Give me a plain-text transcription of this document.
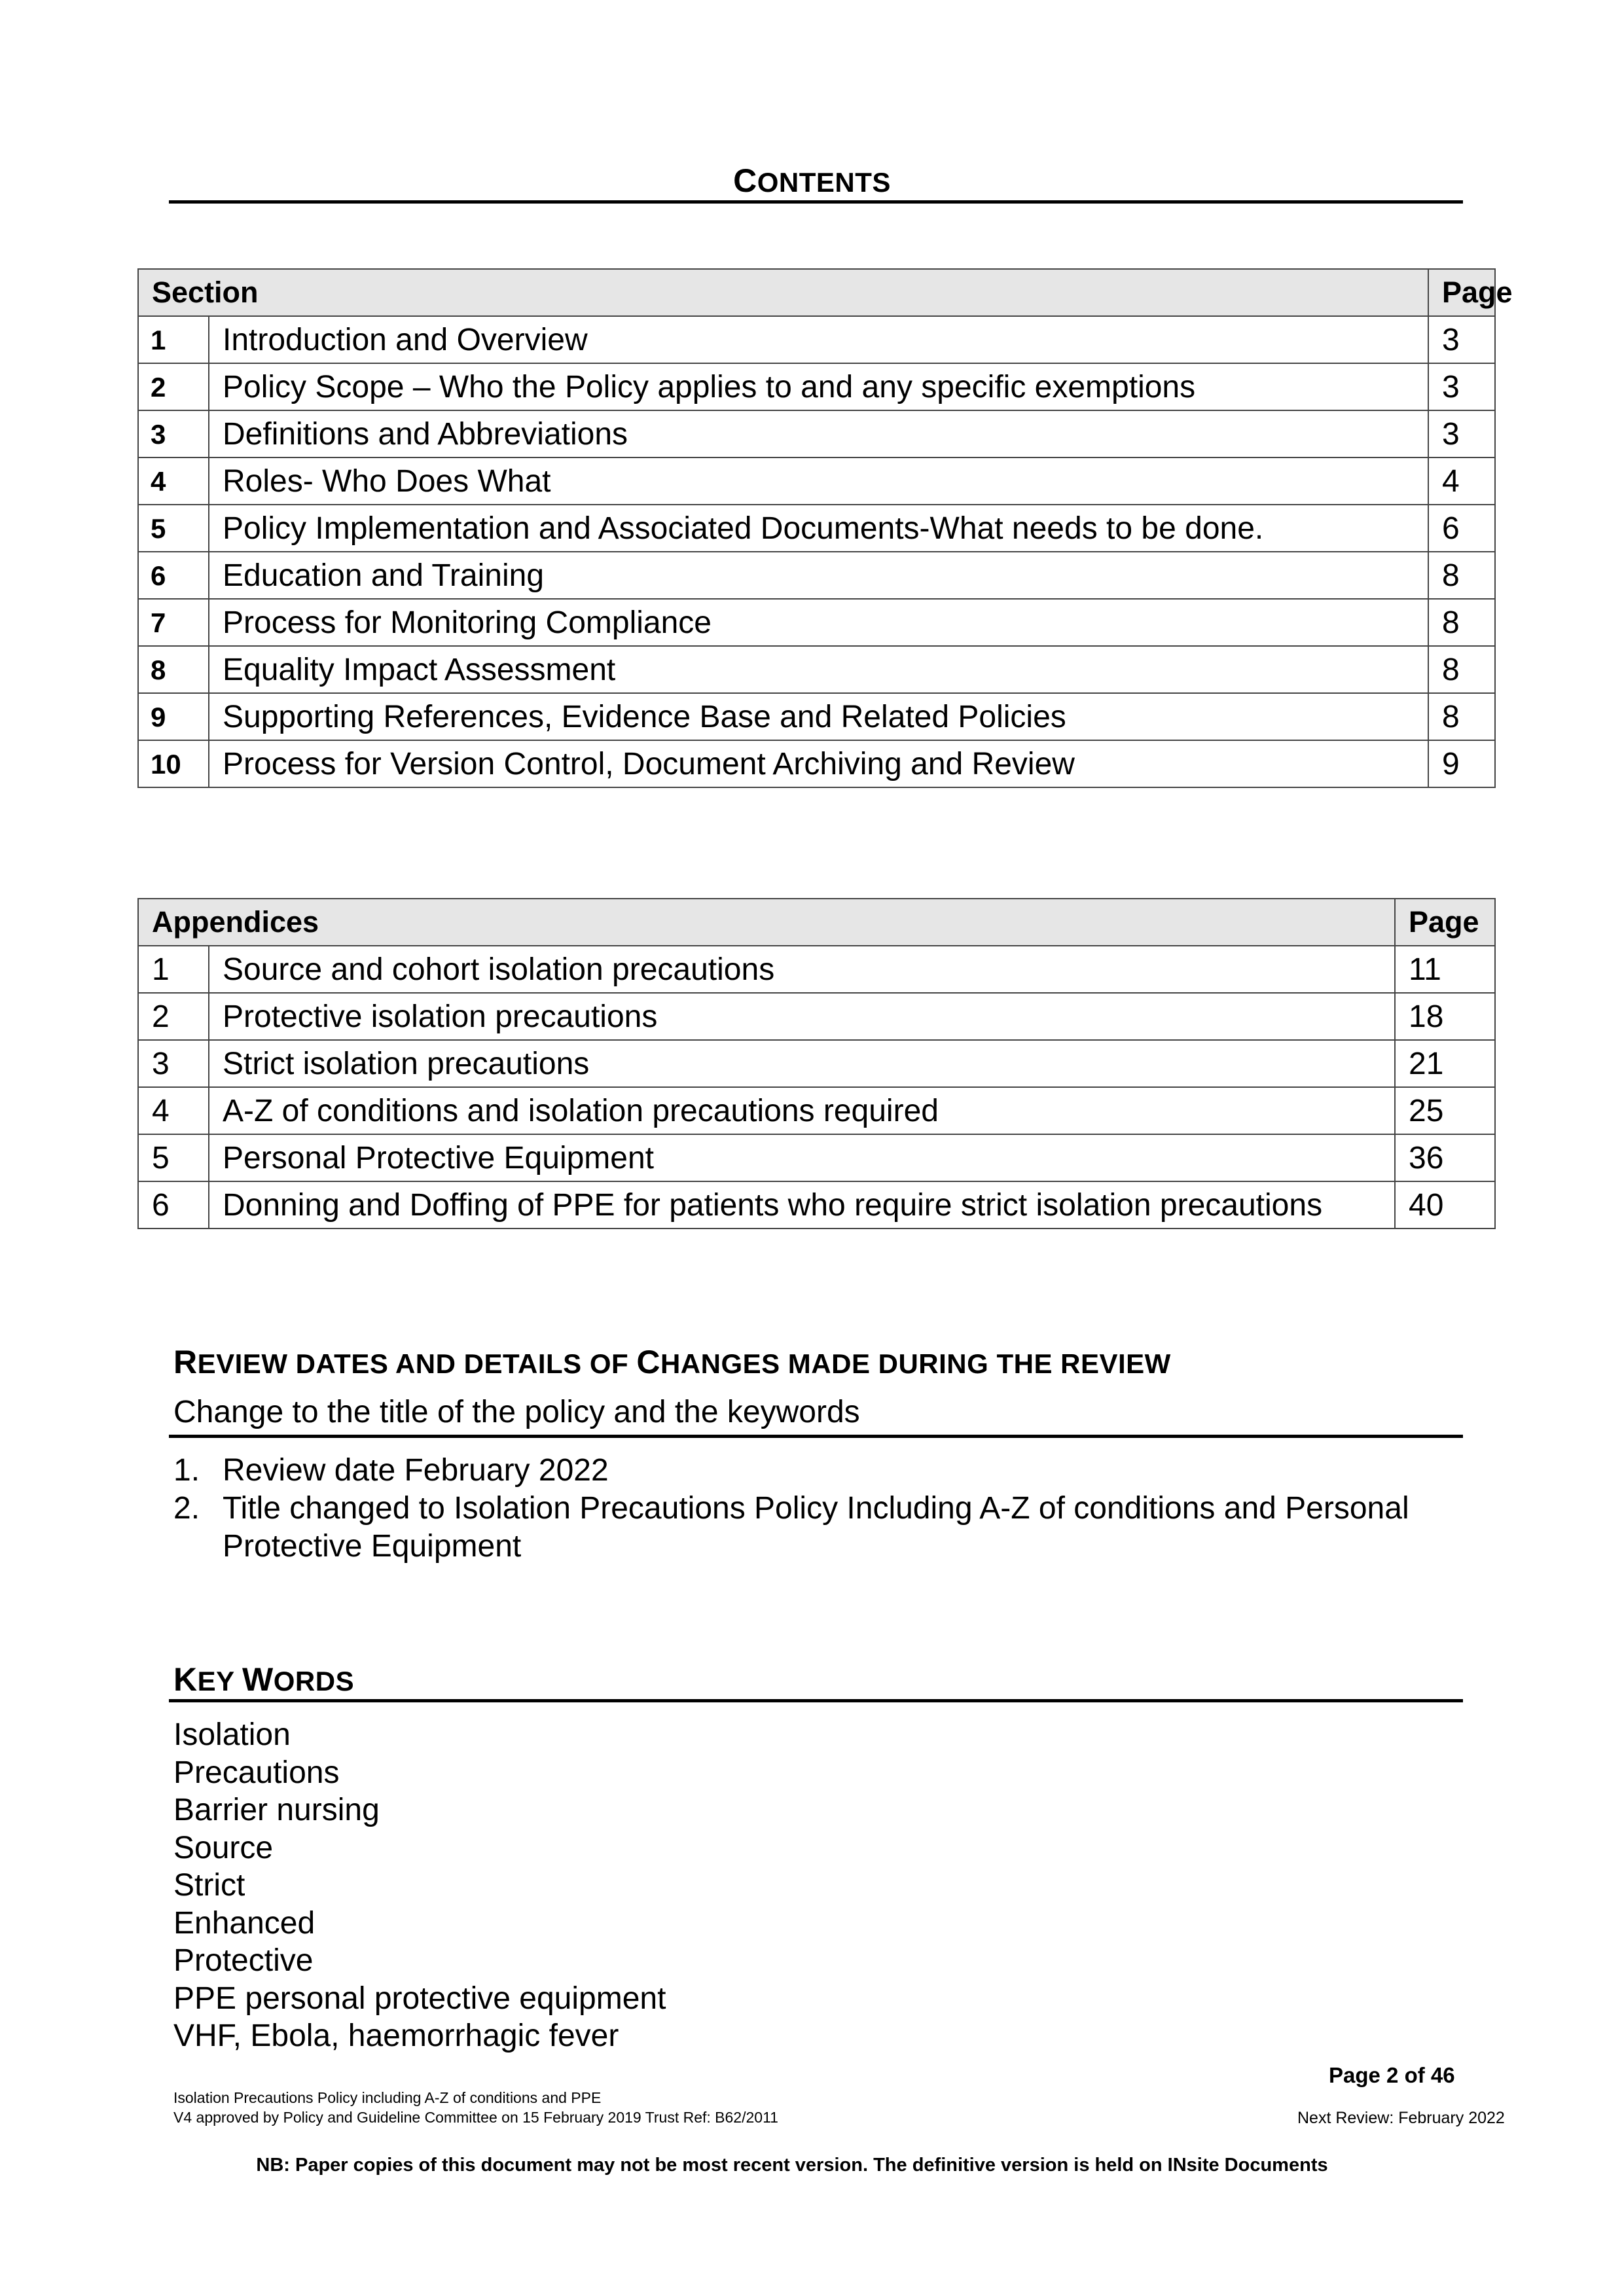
CONTENTS
Section		Page
1	Introduction and Overview	3
2	Policy Scope – Who the Policy applies to and any specific exemptions	3
3	Definitions and Abbreviations	3
4	Roles- Who Does What	4
5	Policy Implementation and Associated Documents-What needs to be done.	6
6	Education and Training	8
7	Process for Monitoring Compliance	8
8	Equality Impact Assessment	8
9	Supporting References, Evidence Base and Related Policies	8
10	Process for Version Control, Document Archiving and Review	9
Appendices		Page
1	Source and cohort isolation precautions	11
2	Protective isolation precautions	18
3	Strict isolation precautions	21
4	A-Z of conditions and isolation precautions required	25
5	Personal Protective Equipment	36
6	Donning and Doffing of PPE for patients who require strict isolation precautions	40
REVIEW DATES AND DETAILS OF CHANGES MADE DURING THE REVIEW
Change to the title of the policy and the keywords
1. Review date February 2022
2. Title changed to Isolation Precautions Policy Including A-Z of conditions and Personal Protective Equipment
KEY WORDS
Isolation
Precautions
Barrier nursing
Source
Strict
Enhanced
Protective
PPE personal protective equipment
VHF, Ebola, haemorrhagic fever
Page 2 of 46
Isolation Precautions Policy including A-Z of conditions and PPE
V4 approved by Policy and Guideline Committee on 15 February 2019 Trust Ref: B62/2011	Next Review: February 2022
NB: Paper copies of this document may not be most recent version. The definitive version is held on INsite Documents
